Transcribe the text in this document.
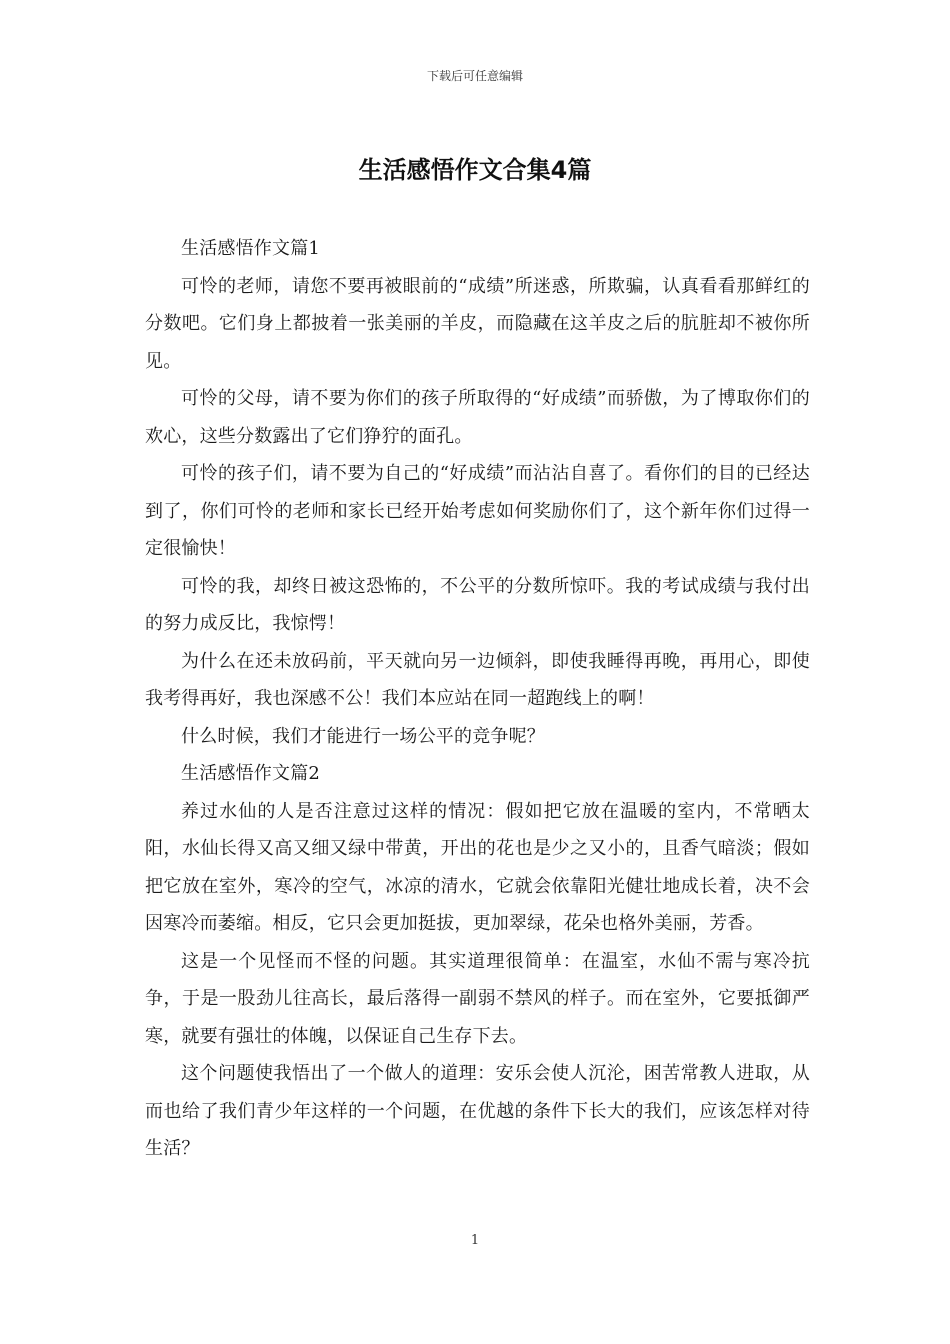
下载后可任意编辑
生活感悟作文合集4篇

生活感悟作文篇1

可怜的老师，请您不要再被眼前的“成绩”所迷惑，所欺骗，认真看看那鲜红的分数吧。它们身上都披着一张美丽的羊皮，而隐藏在这羊皮之后的肮脏却不被你所见。

可怜的父母，请不要为你们的孩子所取得的“好成绩”而骄傲，为了博取你们的欢心，这些分数露出了它们狰狞的面孔。

可怜的孩子们，请不要为自己的“好成绩”而沾沾自喜了。看你们的目的已经达到了，你们可怜的老师和家长已经开始考虑如何奖励你们了，这个新年你们过得一定很愉快！

可怜的我，却终日被这恐怖的，不公平的分数所惊吓。我的考试成绩与我付出的努力成反比，我惊愕！

为什么在还未放码前，平天就向另一边倾斜，即使我睡得再晚，再用心，即使我考得再好，我也深感不公！我们本应站在同一超跑线上的啊！

什么时候，我们才能进行一场公平的竞争呢？

生活感悟作文篇2

养过水仙的人是否注意过这样的情况：假如把它放在温暖的室内，不常晒太阳，水仙长得又高又细又绿中带黄，开出的花也是少之又小的，且香气暗淡；假如把它放在室外，寒冷的空气，冰凉的清水，它就会依靠阳光健壮地成长着，决不会因寒冷而萎缩。相反，它只会更加挺拔，更加翠绿，花朵也格外美丽，芳香。

这是一个见怪而不怪的问题。其实道理很简单：在温室，水仙不需与寒冷抗争，于是一股劲儿往高长，最后落得一副弱不禁风的样子。而在室外，它要抵御严寒，就要有强壮的体魄，以保证自己生存下去。

这个问题使我悟出了一个做人的道理：安乐会使人沉沦，困苦常教人进取，从而也给了我们青少年这样的一个问题，在优越的条件下长大的我们，应该怎样对待生活？

1
